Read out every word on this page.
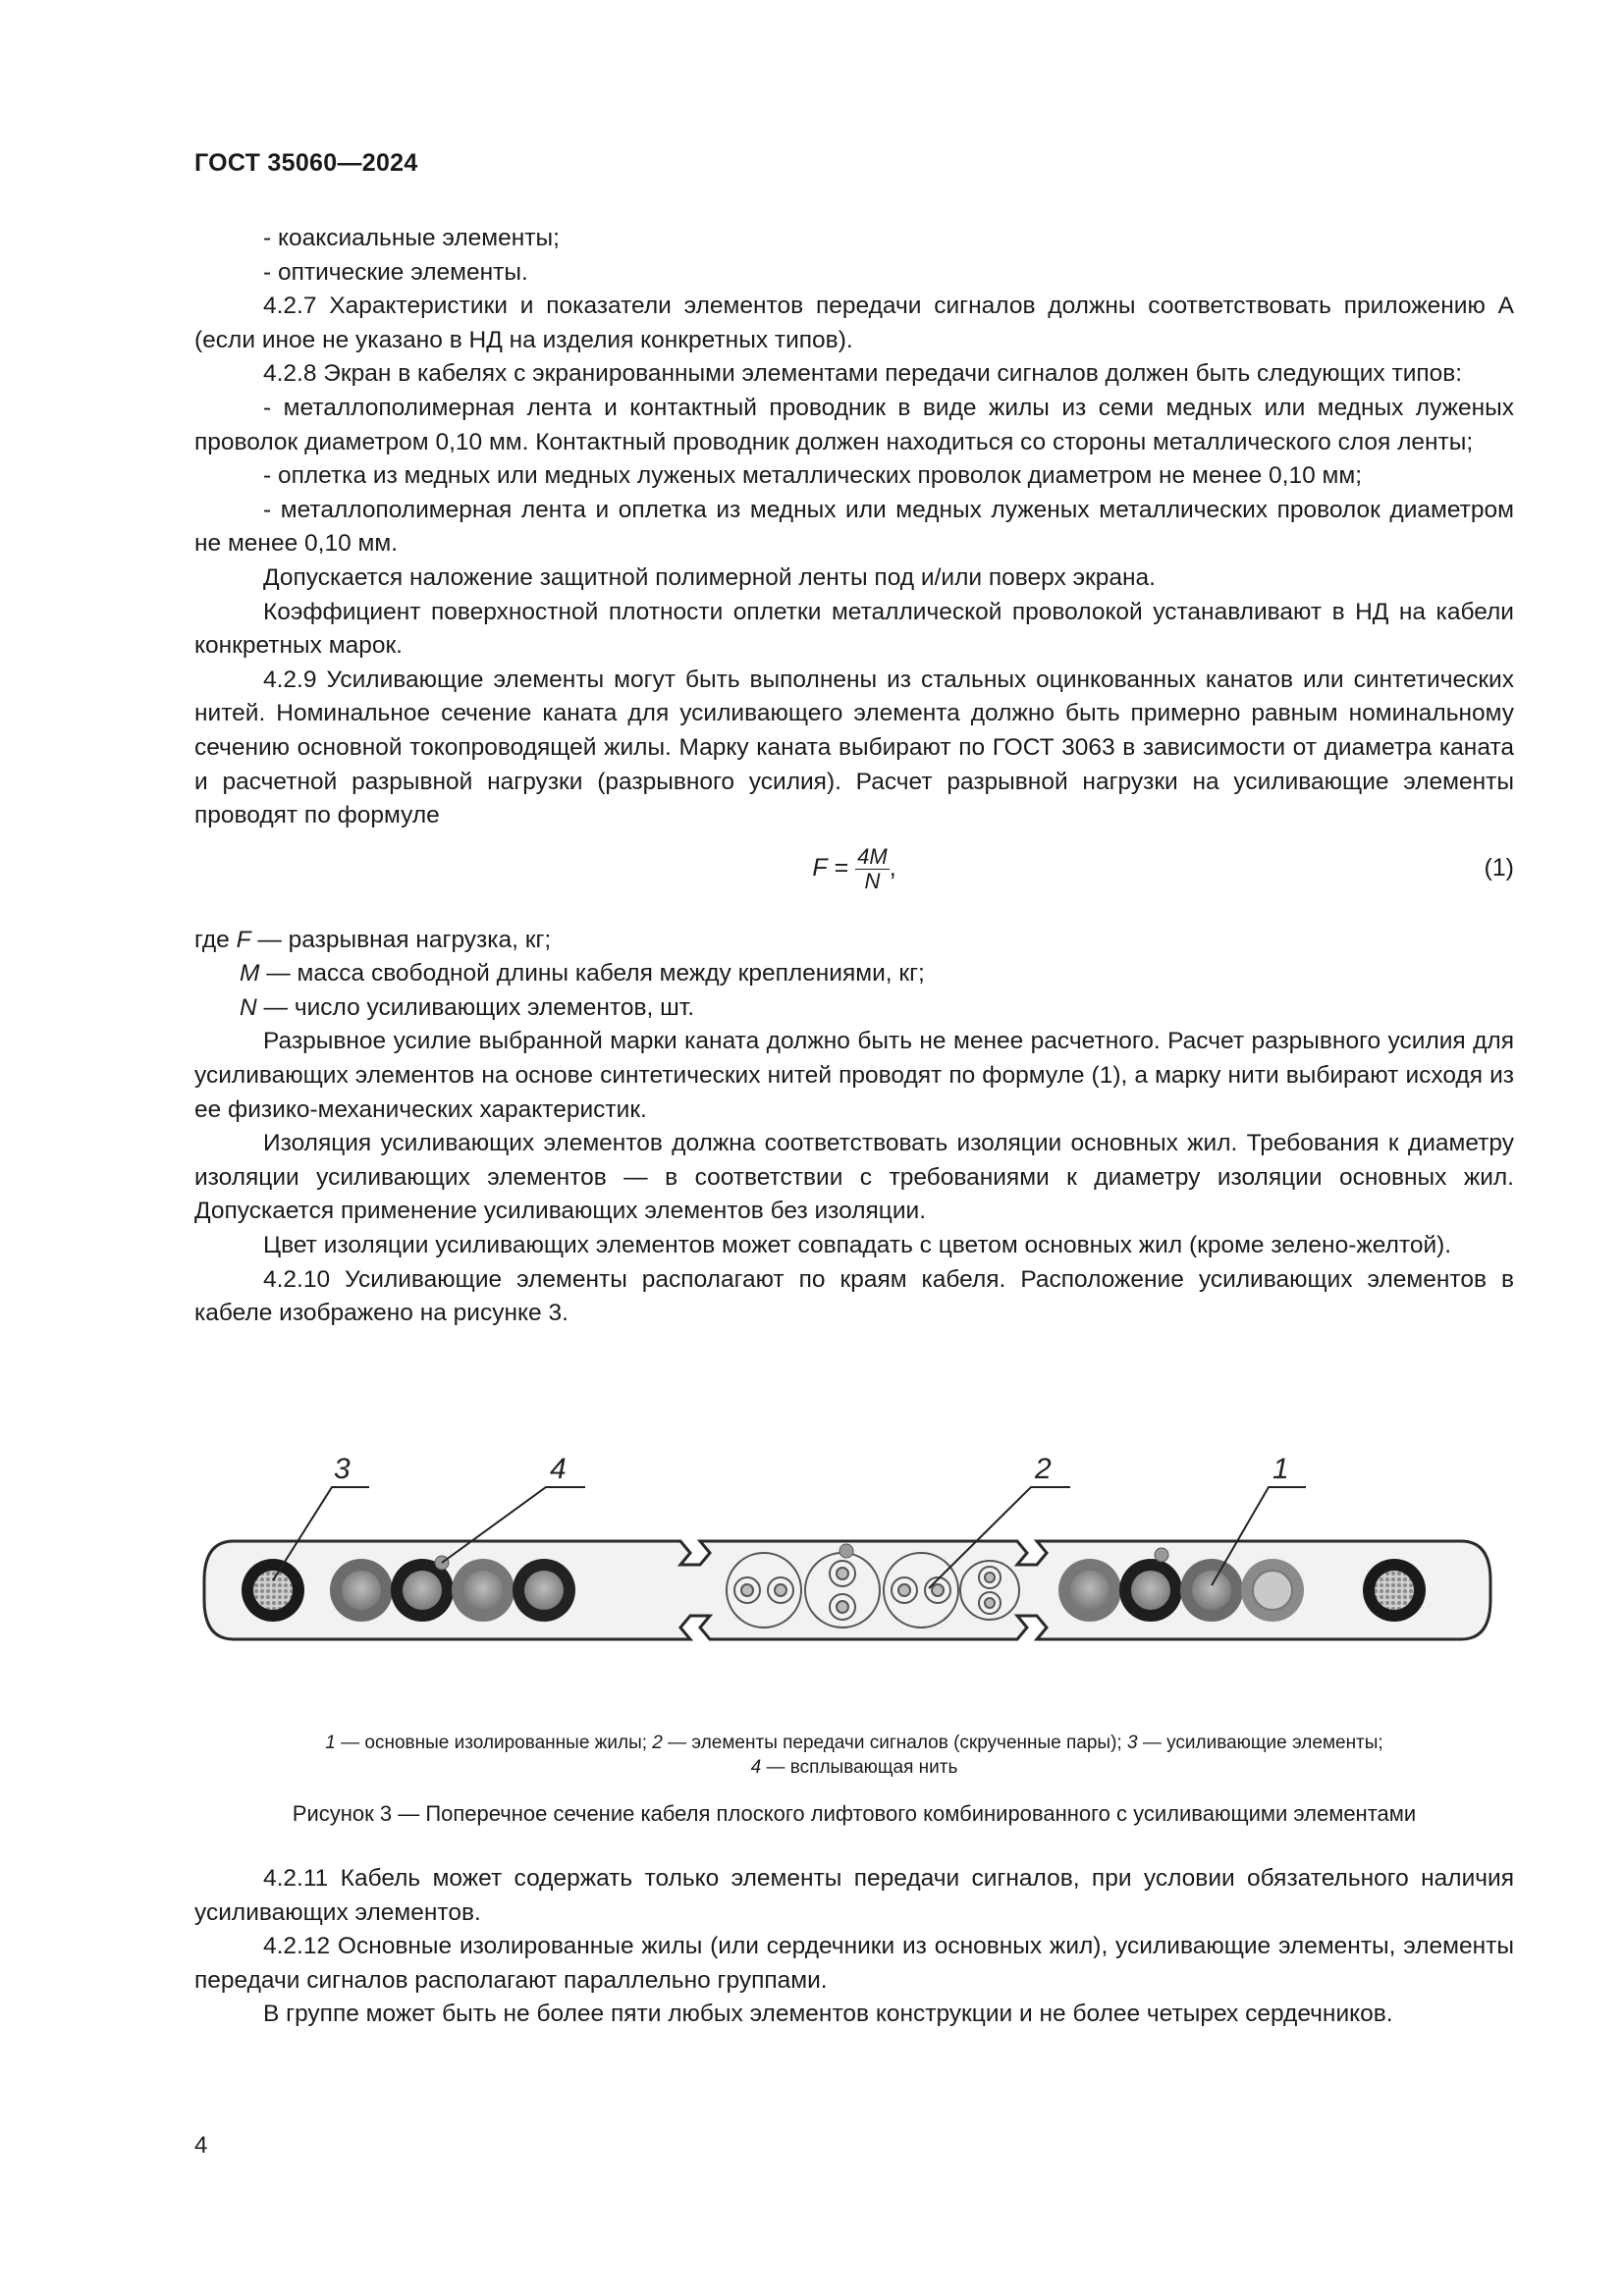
ГОСТ 35060—2024

- коаксиальные элементы;

- оптические элементы.

4.2.7 Характеристики и показатели элементов передачи сигналов должны соответствовать приложению А (если иное не указано в НД на изделия конкретных типов).

4.2.8 Экран в кабелях с экранированными элементами передачи сигналов должен быть следующих типов:

- металлополимерная лента и контактный проводник в виде жилы из семи медных или медных луженых проволок диаметром 0,10 мм. Контактный проводник должен находиться со стороны металлического слоя ленты;

- оплетка из медных или медных луженых металлических проволок диаметром не менее 0,10 мм;

- металлополимерная лента и оплетка из медных или медных луженых металлических проволок диаметром не менее 0,10 мм.

Допускается наложение защитной полимерной ленты под и/или поверх экрана.

Коэффициент поверхностной плотности оплетки металлической проволокой устанавливают в НД на кабели конкретных марок.

4.2.9 Усиливающие элементы могут быть выполнены из стальных оцинкованных канатов или синтетических нитей. Номинальное сечение каната для усиливающего элемента должно быть примерно равным номинальному сечению основной токопроводящей жилы. Марку каната выбирают по ГОСТ 3063 в зависимости от диаметра каната и расчетной разрывной нагрузки (разрывного усилия). Расчет разрывной нагрузки на усиливающие элементы проводят по формуле

$F = \frac{4M}{N}$ ,	(1)

где F — разрывная нагрузка, кг;

M — масса свободной длины кабеля между креплениями, кг;

N — число усиливающих элементов, шт.

Разрывное усилие выбранной марки каната должно быть не менее расчетного. Расчет разрывного усилия для усиливающих элементов на основе синтетических нитей проводят по формуле (1), а марку нити выбирают исходя из ее физико-механических характеристик.

Изоляция усиливающих элементов должна соответствовать изоляции основных жил. Требования к диаметру изоляции усиливающих элементов — в соответствии с требованиями к диаметру изоляции основных жил. Допускается применение усиливающих элементов без изоляции.

Цвет изоляции усиливающих элементов может совпадать с цветом основных жил (кроме зелено-желтой).

4.2.10 Усиливающие элементы располагают по краям кабеля. Расположение усиливающих элементов в кабеле изображено на рисунке 3.

3	4	2	1
1 — основные изолированные жилы; 2 — элементы передачи сигналов (скрученные пары); 3 — усиливающие элементы;
4 — всплывающая нить
Рисунок 3 — Поперечное сечение кабеля плоского лифтового комбинированного с усиливающими элементами

4.2.11 Кабель может содержать только элементы передачи сигналов, при условии обязательного наличия усиливающих элементов.

4.2.12 Основные изолированные жилы (или сердечники из основных жил), усиливающие элементы, элементы передачи сигналов располагают параллельно группами.

В группе может быть не более пяти любых элементов конструкции и не более четырех сердечников.

4
